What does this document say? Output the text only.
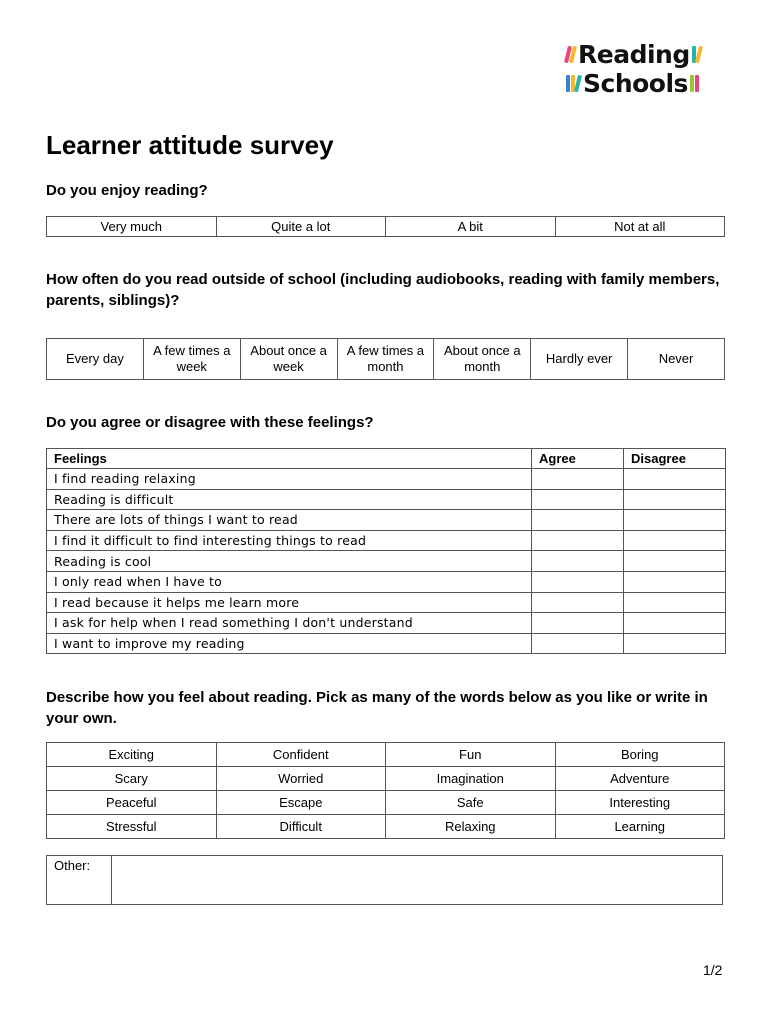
Reading
Schools
Learner attitude survey

Do you enjoy reading?

Very much	Quite a lot	A bit	Not at all

How often do you read outside of school (including audiobooks, reading with family members, parents, siblings)?

Every day	A few times a week	About once a week	A few times a month	About once a month	Hardly ever	Never

Do you agree or disagree with these feelings?

Feelings	Agree	Disagree
I find reading relaxing		
Reading is difficult		
There are lots of things I want to read		
I find it difficult to find interesting things to read		
Reading is cool		
I only read when I have to		
I read because it helps me learn more		
I ask for help when I read something I don't understand		
I want to improve my reading		

Describe how you feel about reading. Pick as many of the words below as you like or write in your own.

Exciting	Confident	Fun	Boring
Scary	Worried	Imagination	Adventure
Peaceful	Escape	Safe	Interesting
Stressful	Difficult	Relaxing	Learning
Other:	
1/2
